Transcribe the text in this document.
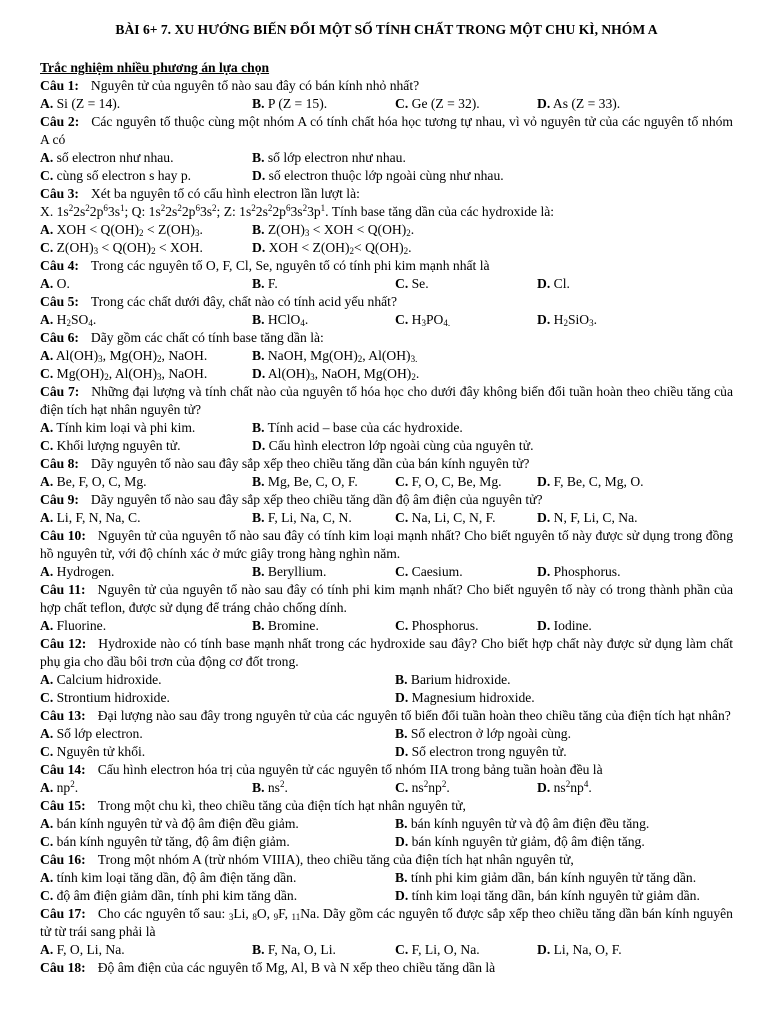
BÀI 6+ 7. XU HƯỚNG BIẾN ĐỔI MỘT SỐ TÍNH CHẤT TRONG MỘT CHU KÌ, NHÓM A
Trắc nghiệm nhiều phương án lựa chọn
Câu 1: Nguyên tử của nguyên tố nào sau đây có bán kính nhỏ nhất?
A. Si (Z = 14).	B. P (Z = 15).	C. Ge (Z = 32).	D. As (Z = 33).
Câu 2: Các nguyên tố thuộc cùng một nhóm A có tính chất hóa học tương tự nhau, vì vỏ nguyên tử của các nguyên tố nhóm A có
A. số electron như nhau.	B. số lớp electron như nhau.
C. cùng số electron s hay p.	D. số electron thuộc lớp ngoài cùng như nhau.
Câu 3: Xét ba nguyên tố có cấu hình electron lần lượt là:
X. $1s^22s^22p^63s^1$; Q: $1s^22s^22p^63s^2$; Z: $1s^22s^22p^63s^23p^1$. Tính base tăng dần của các hydroxide là:
A. XOH < $Q(OH)_2 < Z(OH)_3$.	B. $Z(OH)_3$ < XOH < $Q(OH)_2$.
C. $Z(OH)_3 < Q(OH)_2$ < XOH.	D. XOH < $Z(OH)_2< Q(OH)_2$.
Câu 4: Trong các nguyên tố O, F, Cl, Se, nguyên tố có tính phi kim mạnh nhất là
A. O.	B. F.	C. Se.	D. Cl.
Câu 5: Trong các chất dưới đây, chất nào có tính acid yếu nhất?
A. $H_2SO_4$.	B. HClO$_4$.	C. $H_3PO_{4.}$	D. $H_2SiO_3$.
Câu 6: Dãy gồm các chất có tính base tăng dần là:
A. $Al(OH)_3$, $Mg(OH)_2$, NaOH.	B. NaOH, $Mg(OH)_2$, $Al(OH)_{3.}$
C. $Mg(OH)_2$, $Al(OH)_3$, NaOH.	D. $Al(OH)_3$, NaOH, $Mg(OH)_2$.
Câu 7: Những đại lượng và tính chất nào của nguyên tố hóa học cho dưới đây không biến đổi tuần hoàn theo chiều tăng của điện tích hạt nhân nguyên tử?
A. Tính kim loại và phi kim.	B. Tính acid – base của các hydroxide.
C. Khối lượng nguyên tử.	D. Cấu hình electron lớp ngoài cùng của nguyên tử.
Câu 8: Dãy nguyên tố nào sau đây sắp xếp theo chiều tăng dần của bán kính nguyên tử?
A. Be, F, O, C, Mg.	B. Mg, Be, C, O, F.	C. F, O, C, Be, Mg.	D. F, Be, C, Mg, O.
Câu 9: Dãy nguyên tố nào sau đây sắp xếp theo chiều tăng dần độ âm điện của nguyên tử?
A. Li, F, N, Na, C.	B. F, Li, Na, C, N.	C. Na, Li, C, N, F.	D. N, F, Li, C, Na.
Câu 10: Nguyên tử của nguyên tố nào sau đây có tính kim loại mạnh nhất? Cho biết nguyên tố này được sử dụng trong đồng hồ nguyên tử, với độ chính xác ở mức giây trong hàng nghìn năm.
A. Hydrogen.	B. Beryllium.	C. Caesium.	D. Phosphorus.
Câu 11: Nguyên tử của nguyên tố nào sau đây có tính phi kim mạnh nhất? Cho biết nguyên tố này có trong thành phần của hợp chất teflon, được sử dụng để tráng chảo chống dính.
A. Fluorine.	B. Bromine.	C. Phosphorus.	D. Iodine.
Câu 12: Hydroxide nào có tính base mạnh nhất trong các hydroxide sau đây? Cho biết hợp chất này được sử dụng làm chất phụ gia cho dầu bôi trơn của động cơ đốt trong.
A. Calcium hidroxide.	B. Barium hidroxide.
C. Strontium hidroxide.	D. Magnesium hidroxide.
Câu 13: Đại lượng nào sau đây trong nguyên tử của các nguyên tố biến đổi tuần hoàn theo chiều tăng của điện tích hạt nhân?
A. Số lớp electron.	B. Số electron ở lớp ngoài cùng.
C. Nguyên tử khối.	D. Số electron trong nguyên tử.
Câu 14: Cấu hình electron hóa trị của nguyên tử các nguyên tố nhóm IIA trong bảng tuần hoàn đều là
A. $np^2$.	B. $ns^2$.	C. $ns^2np^2$.	D. $ns^2np^4$.
Câu 15: Trong một chu kì, theo chiều tăng của điện tích hạt nhân nguyên tử,
A. bán kính nguyên tử và độ âm điện đều giảm.	B. bán kính nguyên tử và độ âm điện đều tăng.
C. bán kính nguyên tử tăng, độ âm điện giảm.	D. bán kính nguyên tử giảm, độ âm điện tăng.
Câu 16: Trong một nhóm A (trừ nhóm VIIIA), theo chiều tăng của điện tích hạt nhân nguyên tử,
A. tính kim loại tăng dần, độ âm điện tăng dần.	B. tính phi kim giảm dần, bán kính nguyên tử tăng dần.
C. độ âm điện giảm dần, tính phi kim tăng dần.	D. tính kim loại tăng dần, bán kính nguyên tử giảm dần.
Câu 17: Cho các nguyên tố sau: $_3$Li, $_8$O, $_9$F, $_{11}$Na. Dãy gồm các nguyên tố được sắp xếp theo chiều tăng dần bán kính nguyên tử từ trái sang phải là
A. F, O, Li, Na.	B. F, Na, O, Li.	C. F, Li, O, Na.	D. Li, Na, O, F.
Câu 18: Độ âm điện của các nguyên tố Mg, Al, B và N xếp theo chiều tăng dần là
